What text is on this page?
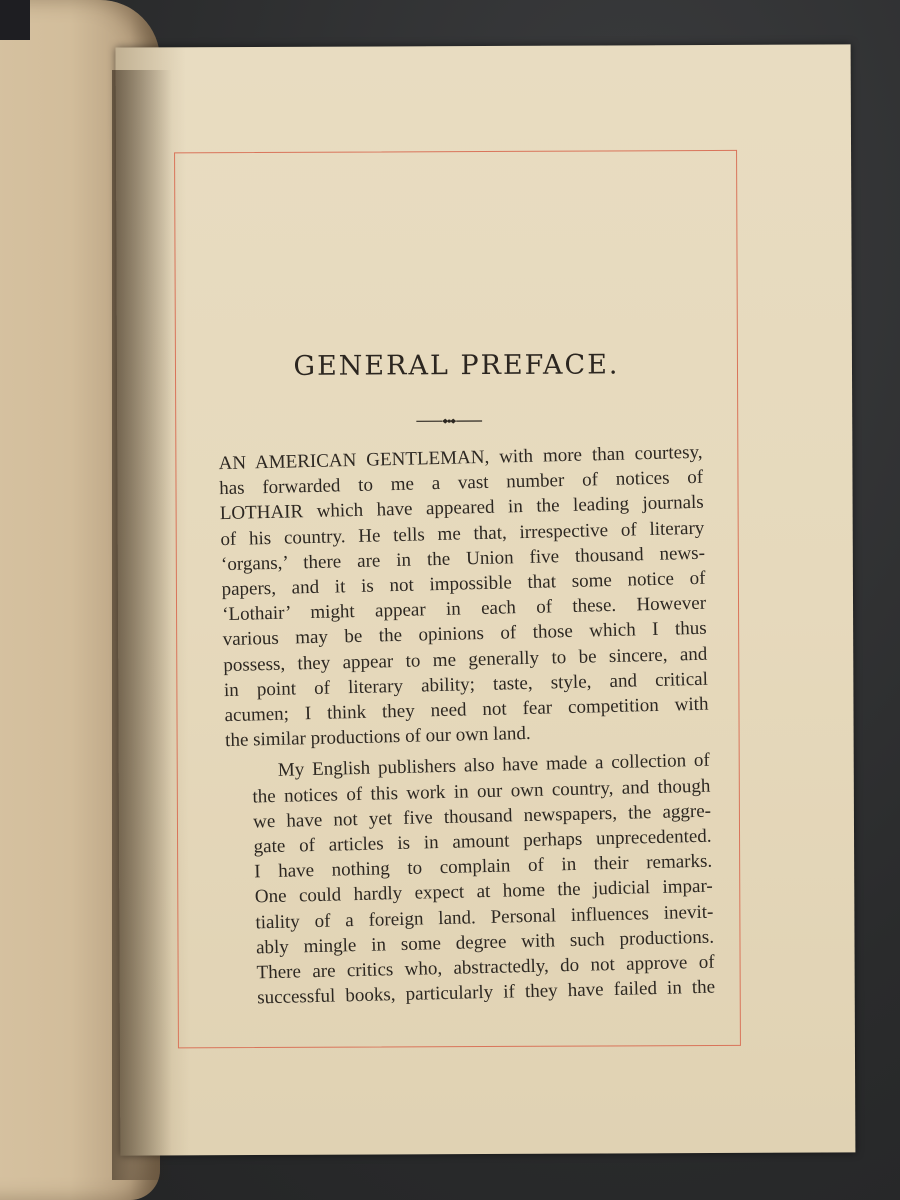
GENERAL PREFACE.

AN AMERICAN GENTLEMAN, with more than courtesy,
has forwarded to me a vast number of notices of
LOTHAIR which have appeared in the leading journals
of his country. He tells me that, irrespective of literary
‘organs,’ there are in the Union five thousand news-
papers, and it is not impossible that some notice of
‘Lothair’ might appear in each of these. However
various may be the opinions of those which I thus
possess, they appear to me generally to be sincere, and
in point of literary ability; taste, style, and critical
acumen; I think they need not fear competition with
the similar productions of our own land.

My English publishers also have made a collection of
the notices of this work in our own country, and though
we have not yet five thousand newspapers, the aggre-
gate of articles is in amount perhaps unprecedented.
I have nothing to complain of in their remarks.
One could hardly expect at home the judicial impar-
tiality of a foreign land. Personal influences inevit-
ably mingle in some degree with such productions.
There are critics who, abstractedly, do not approve of
successful books, particularly if they have failed in the
